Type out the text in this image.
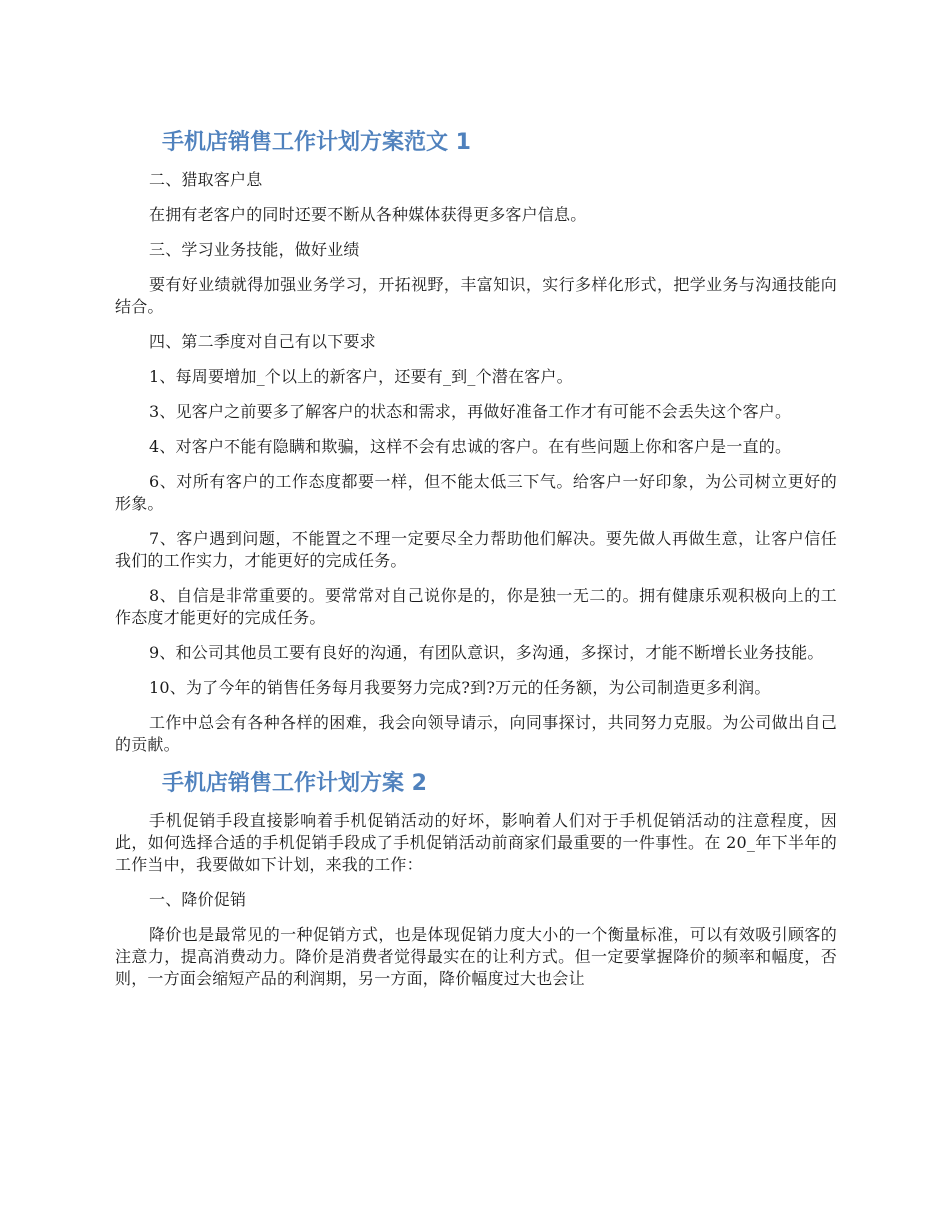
手机店销售工作计划方案范文 1

二、猎取客户息

在拥有老客户的同时还要不断从各种媒体获得更多客户信息。

三、学习业务技能，做好业绩

要有好业绩就得加强业务学习，开拓视野，丰富知识，实行多样化形式，把学业务与沟通技能向结合。

四、第二季度对自己有以下要求

1、每周要增加_个以上的新客户，还要有_到_个潜在客户。

3、见客户之前要多了解客户的状态和需求，再做好准备工作才有可能不会丢失这个客户。

4、对客户不能有隐瞒和欺骗，这样不会有忠诚的客户。在有些问题上你和客户是一直的。

6、对所有客户的工作态度都要一样，但不能太低三下气。给客户一好印象，为公司树立更好的形象。

7、客户遇到问题，不能置之不理一定要尽全力帮助他们解决。要先做人再做生意，让客户信任我们的工作实力，才能更好的完成任务。

8、自信是非常重要的。要常常对自己说你是的，你是独一无二的。拥有健康乐观积极向上的工作态度才能更好的完成任务。

9、和公司其他员工要有良好的沟通，有团队意识，多沟通，多探讨，才能不断增长业务技能。

10、为了今年的销售任务每月我要努力完成?到?万元的任务额，为公司制造更多利润。

工作中总会有各种各样的困难，我会向领导请示，向同事探讨，共同努力克服。为公司做出自己的贡献。

手机店销售工作计划方案 2

手机促销手段直接影响着手机促销活动的好坏，影响着人们对于手机促销活动的注意程度，因此，如何选择合适的手机促销手段成了手机促销活动前商家们最重要的一件事性。在 20_年下半年的工作当中，我要做如下计划，来我的工作：

一、降价促销

降价也是最常见的一种促销方式，也是体现促销力度大小的一个衡量标准，可以有效吸引顾客的注意力，提高消费动力。降价是消费者觉得最实在的让利方式。但一定要掌握降价的频率和幅度，否则，一方面会缩短产品的利润期，另一方面，降价幅度过大也会让
